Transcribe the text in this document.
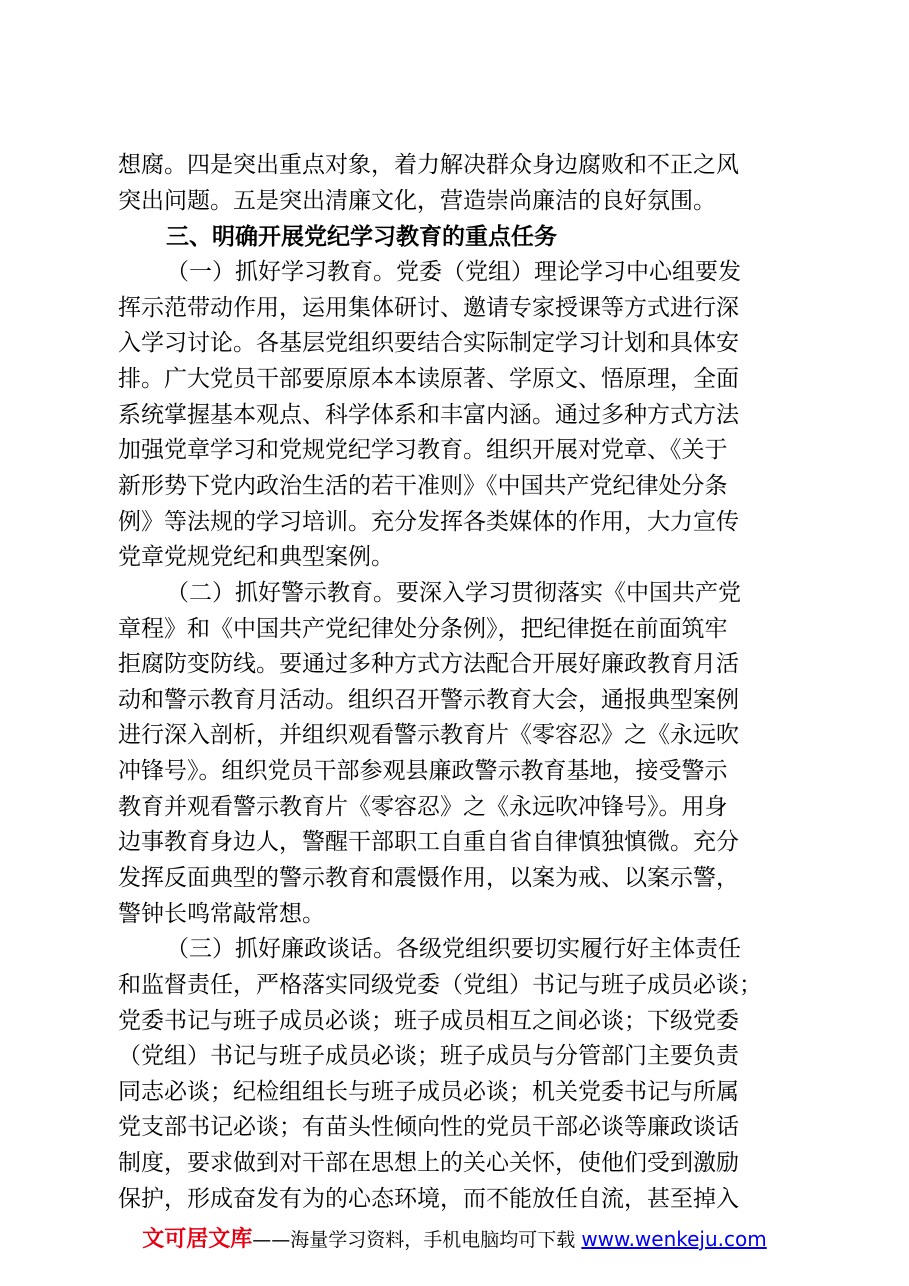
想腐。四是突出重点对象，着力解决群众身边腐败和不正之风
突出问题。五是突出清廉文化，营造崇尚廉洁的良好氛围。
三、明确开展党纪学习教育的重点任务
（一）抓好学习教育。党委（党组）理论学习中心组要发
挥示范带动作用，运用集体研讨、邀请专家授课等方式进行深
入学习讨论。各基层党组织要结合实际制定学习计划和具体安
排。广大党员干部要原原本本读原著、学原文、悟原理，全面
系统掌握基本观点、科学体系和丰富内涵。通过多种方式方法
加强党章学习和党规党纪学习教育。组织开展对党章、《关于
新形势下党内政治生活的若干准则》《中国共产党纪律处分条
例》等法规的学习培训。充分发挥各类媒体的作用，大力宣传
党章党规党纪和典型案例。
（二）抓好警示教育。要深入学习贯彻落实《中国共产党
章程》和《中国共产党纪律处分条例》，把纪律挺在前面筑牢
拒腐防变防线。要通过多种方式方法配合开展好廉政教育月活
动和警示教育月活动。组织召开警示教育大会，通报典型案例
进行深入剖析，并组织观看警示教育片《零容忍》之《永远吹
冲锋号》。组织党员干部参观县廉政警示教育基地，接受警示
教育并观看警示教育片《零容忍》之《永远吹冲锋号》。用身
边事教育身边人，警醒干部职工自重自省自律慎独慎微。充分
发挥反面典型的警示教育和震慑作用，以案为戒、以案示警，
警钟长鸣常敲常想。
（三）抓好廉政谈话。各级党组织要切实履行好主体责任
和监督责任，严格落实同级党委（党组）书记与班子成员必谈；
党委书记与班子成员必谈；班子成员相互之间必谈；下级党委
（党组）书记与班子成员必谈；班子成员与分管部门主要负责
同志必谈；纪检组组长与班子成员必谈；机关党委书记与所属
党支部书记必谈；有苗头性倾向性的党员干部必谈等廉政谈话
制度，要求做到对干部在思想上的关心关怀，使他们受到激励
保护，形成奋发有为的心态环境，而不能放任自流，甚至掉入
文可居文库——海量学习资料，手机电脑均可下载 www.wenkeju.com
